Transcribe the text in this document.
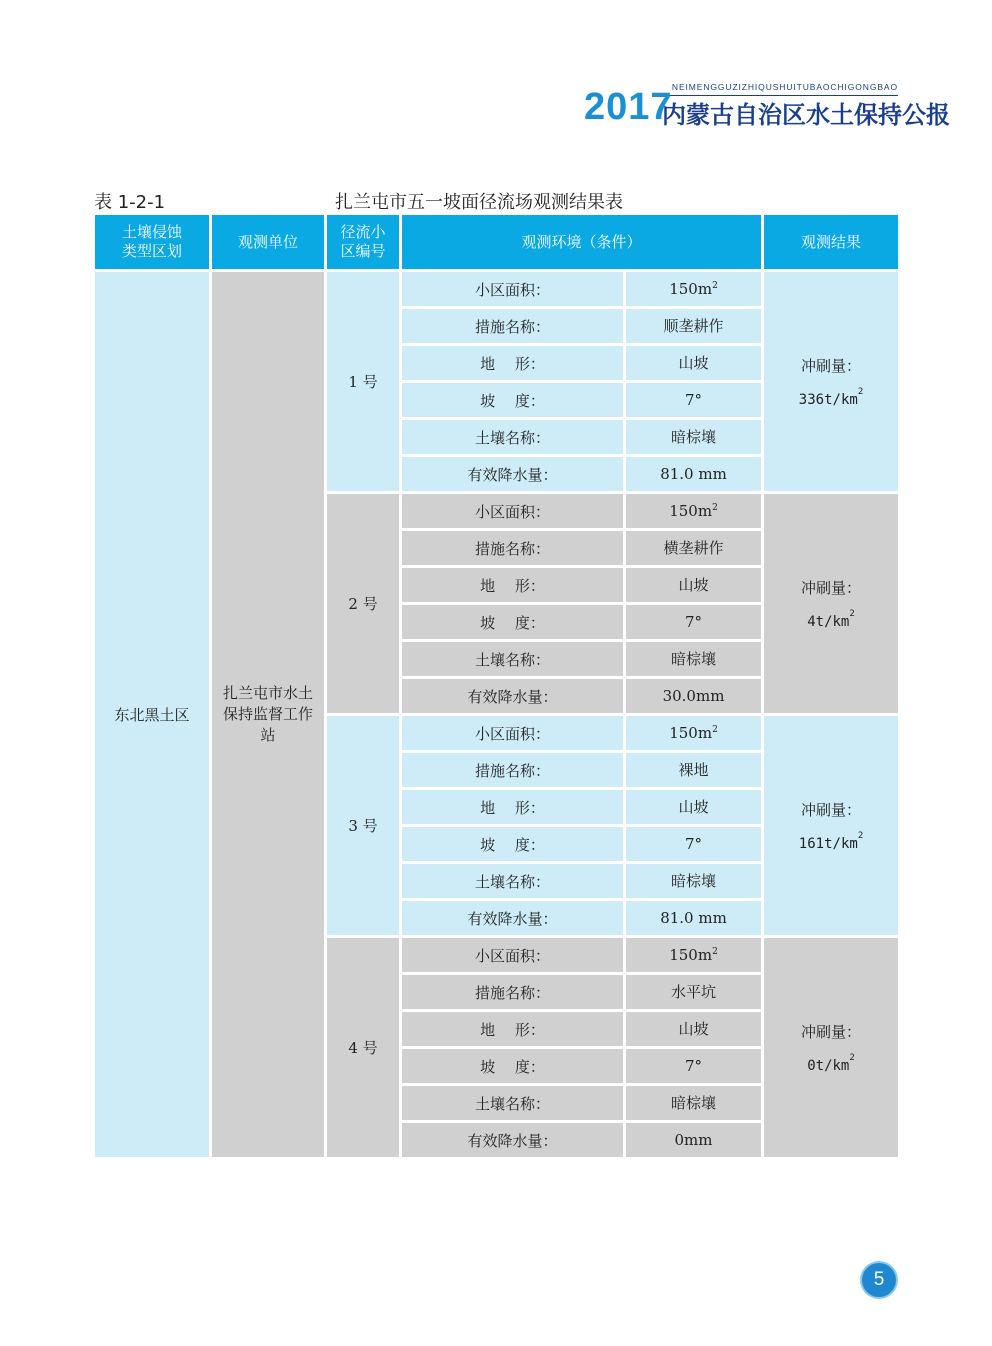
NEIMENGGUZIZHIQUSHUITUBAOCHIGONGBAO
2017
内蒙古自治区水土保持公报
表 1-2-1	扎兰屯市五一坡面径流场观测结果表
土壤侵蚀类型区划	观测单位	径流小区编号	观测环境（条件）		观测结果
东北黑土区	扎兰屯市水土保持监督工作站	1 号	小区面积：	$150m^2$	冲刷量：
$336t/km^2$
			措施名称：	顺垄耕作	
			地　 形：	山坡	
			坡　 度：	7°	
			土壤名称：	暗棕壤	
			有效降水量：	81.0 mm	
		2 号	小区面积：	$150m^2$	冲刷量：
$4t/km^2$
			措施名称：	横垄耕作	
			地　 形：	山坡	
			坡　 度：	7°	
			土壤名称：	暗棕壤	
			有效降水量：	30.0mm	
		3 号	小区面积：	$150m^2$	冲刷量：
$161t/km^2$
			措施名称：	裸地	
			地　 形：	山坡	
			坡　 度：	7°	
			土壤名称：	暗棕壤	
			有效降水量：	81.0 mm	
		4 号	小区面积：	$150m^2$	冲刷量：
$0t/km^2$
			措施名称：	水平坑	
			地　 形：	山坡	
			坡　 度：	7°	
			土壤名称：	暗棕壤	
			有效降水量：	0mm	
5
